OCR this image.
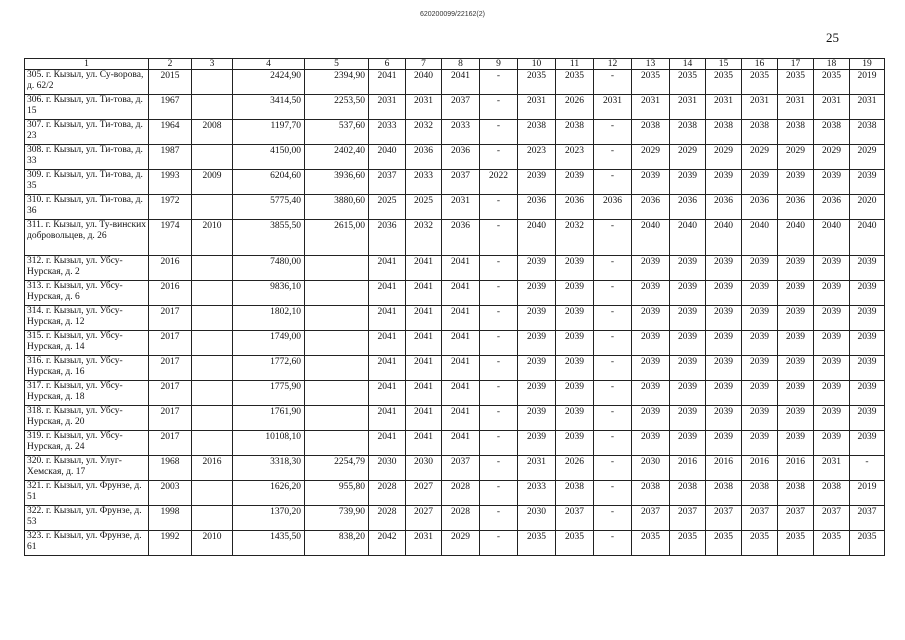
620200099/22162(2)
25
1	2	3	4	5	6	7	8	9	10	11	12	13	14	15	16	17	18	19
305. г. Кызыл, ул. Су-ворова, д. 62/2	2015		2424,90	2394,90	2041	2040	2041	-	2035	2035	-	2035	2035	2035	2035	2035	2035	2019
306. г. Кызыл, ул. Ти-това, д. 15	1967		3414,50	2253,50	2031	2031	2037	-	2031	2026	2031	2031	2031	2031	2031	2031	2031	2031
307. г. Кызыл, ул. Ти-това, д. 23	1964	2008	1197,70	537,60	2033	2032	2033	-	2038	2038	-	2038	2038	2038	2038	2038	2038	2038
308. г. Кызыл, ул. Ти-това, д. 33	1987		4150,00	2402,40	2040	2036	2036	-	2023	2023	-	2029	2029	2029	2029	2029	2029	2029
309. г. Кызыл, ул. Ти-това, д. 35	1993	2009	6204,60	3936,60	2037	2033	2037	2022	2039	2039	-	2039	2039	2039	2039	2039	2039	2039
310. г. Кызыл, ул. Ти-това, д. 36	1972		5775,40	3880,60	2025	2025	2031	-	2036	2036	2036	2036	2036	2036	2036	2036	2036	2020
311. г. Кызыл, ул. Ту-винских добровольцев, д. 26	1974	2010	3855,50	2615,00	2036	2032	2036	-	2040	2032	-	2040	2040	2040	2040	2040	2040	2040
312. г. Кызыл, ул. Убсу-Нурская, д. 2	2016		7480,00		2041	2041	2041	-	2039	2039	-	2039	2039	2039	2039	2039	2039	2039
313. г. Кызыл, ул. Убсу-Нурская, д. 6	2016		9836,10		2041	2041	2041	-	2039	2039	-	2039	2039	2039	2039	2039	2039	2039
314. г. Кызыл, ул. Убсу-Нурская, д. 12	2017		1802,10		2041	2041	2041	-	2039	2039	-	2039	2039	2039	2039	2039	2039	2039
315. г. Кызыл, ул. Убсу-Нурская, д. 14	2017		1749,00		2041	2041	2041	-	2039	2039	-	2039	2039	2039	2039	2039	2039	2039
316. г. Кызыл, ул. Убсу-Нурская, д. 16	2017		1772,60		2041	2041	2041	-	2039	2039	-	2039	2039	2039	2039	2039	2039	2039
317. г. Кызыл, ул. Убсу-Нурская, д. 18	2017		1775,90		2041	2041	2041	-	2039	2039	-	2039	2039	2039	2039	2039	2039	2039
318. г. Кызыл, ул. Убсу-Нурская, д. 20	2017		1761,90		2041	2041	2041	-	2039	2039	-	2039	2039	2039	2039	2039	2039	2039
319. г. Кызыл, ул. Убсу-Нурская, д. 24	2017		10108,10		2041	2041	2041	-	2039	2039	-	2039	2039	2039	2039	2039	2039	2039
320. г. Кызыл, ул. Улуг-Хемская, д. 17	1968	2016	3318,30	2254,79	2030	2030	2037	-	2031	2026	-	2030	2016	2016	2016	2016	2031	-
321. г. Кызыл, ул. Фрунзе, д. 51	2003		1626,20	955,80	2028	2027	2028	-	2033	2038	-	2038	2038	2038	2038	2038	2038	2019
322. г. Кызыл, ул. Фрунзе, д. 53	1998		1370,20	739,90	2028	2027	2028	-	2030	2037	-	2037	2037	2037	2037	2037	2037	2037
323. г. Кызыл, ул. Фрунзе, д. 61	1992	2010	1435,50	838,20	2042	2031	2029	-	2035	2035	-	2035	2035	2035	2035	2035	2035	2035
